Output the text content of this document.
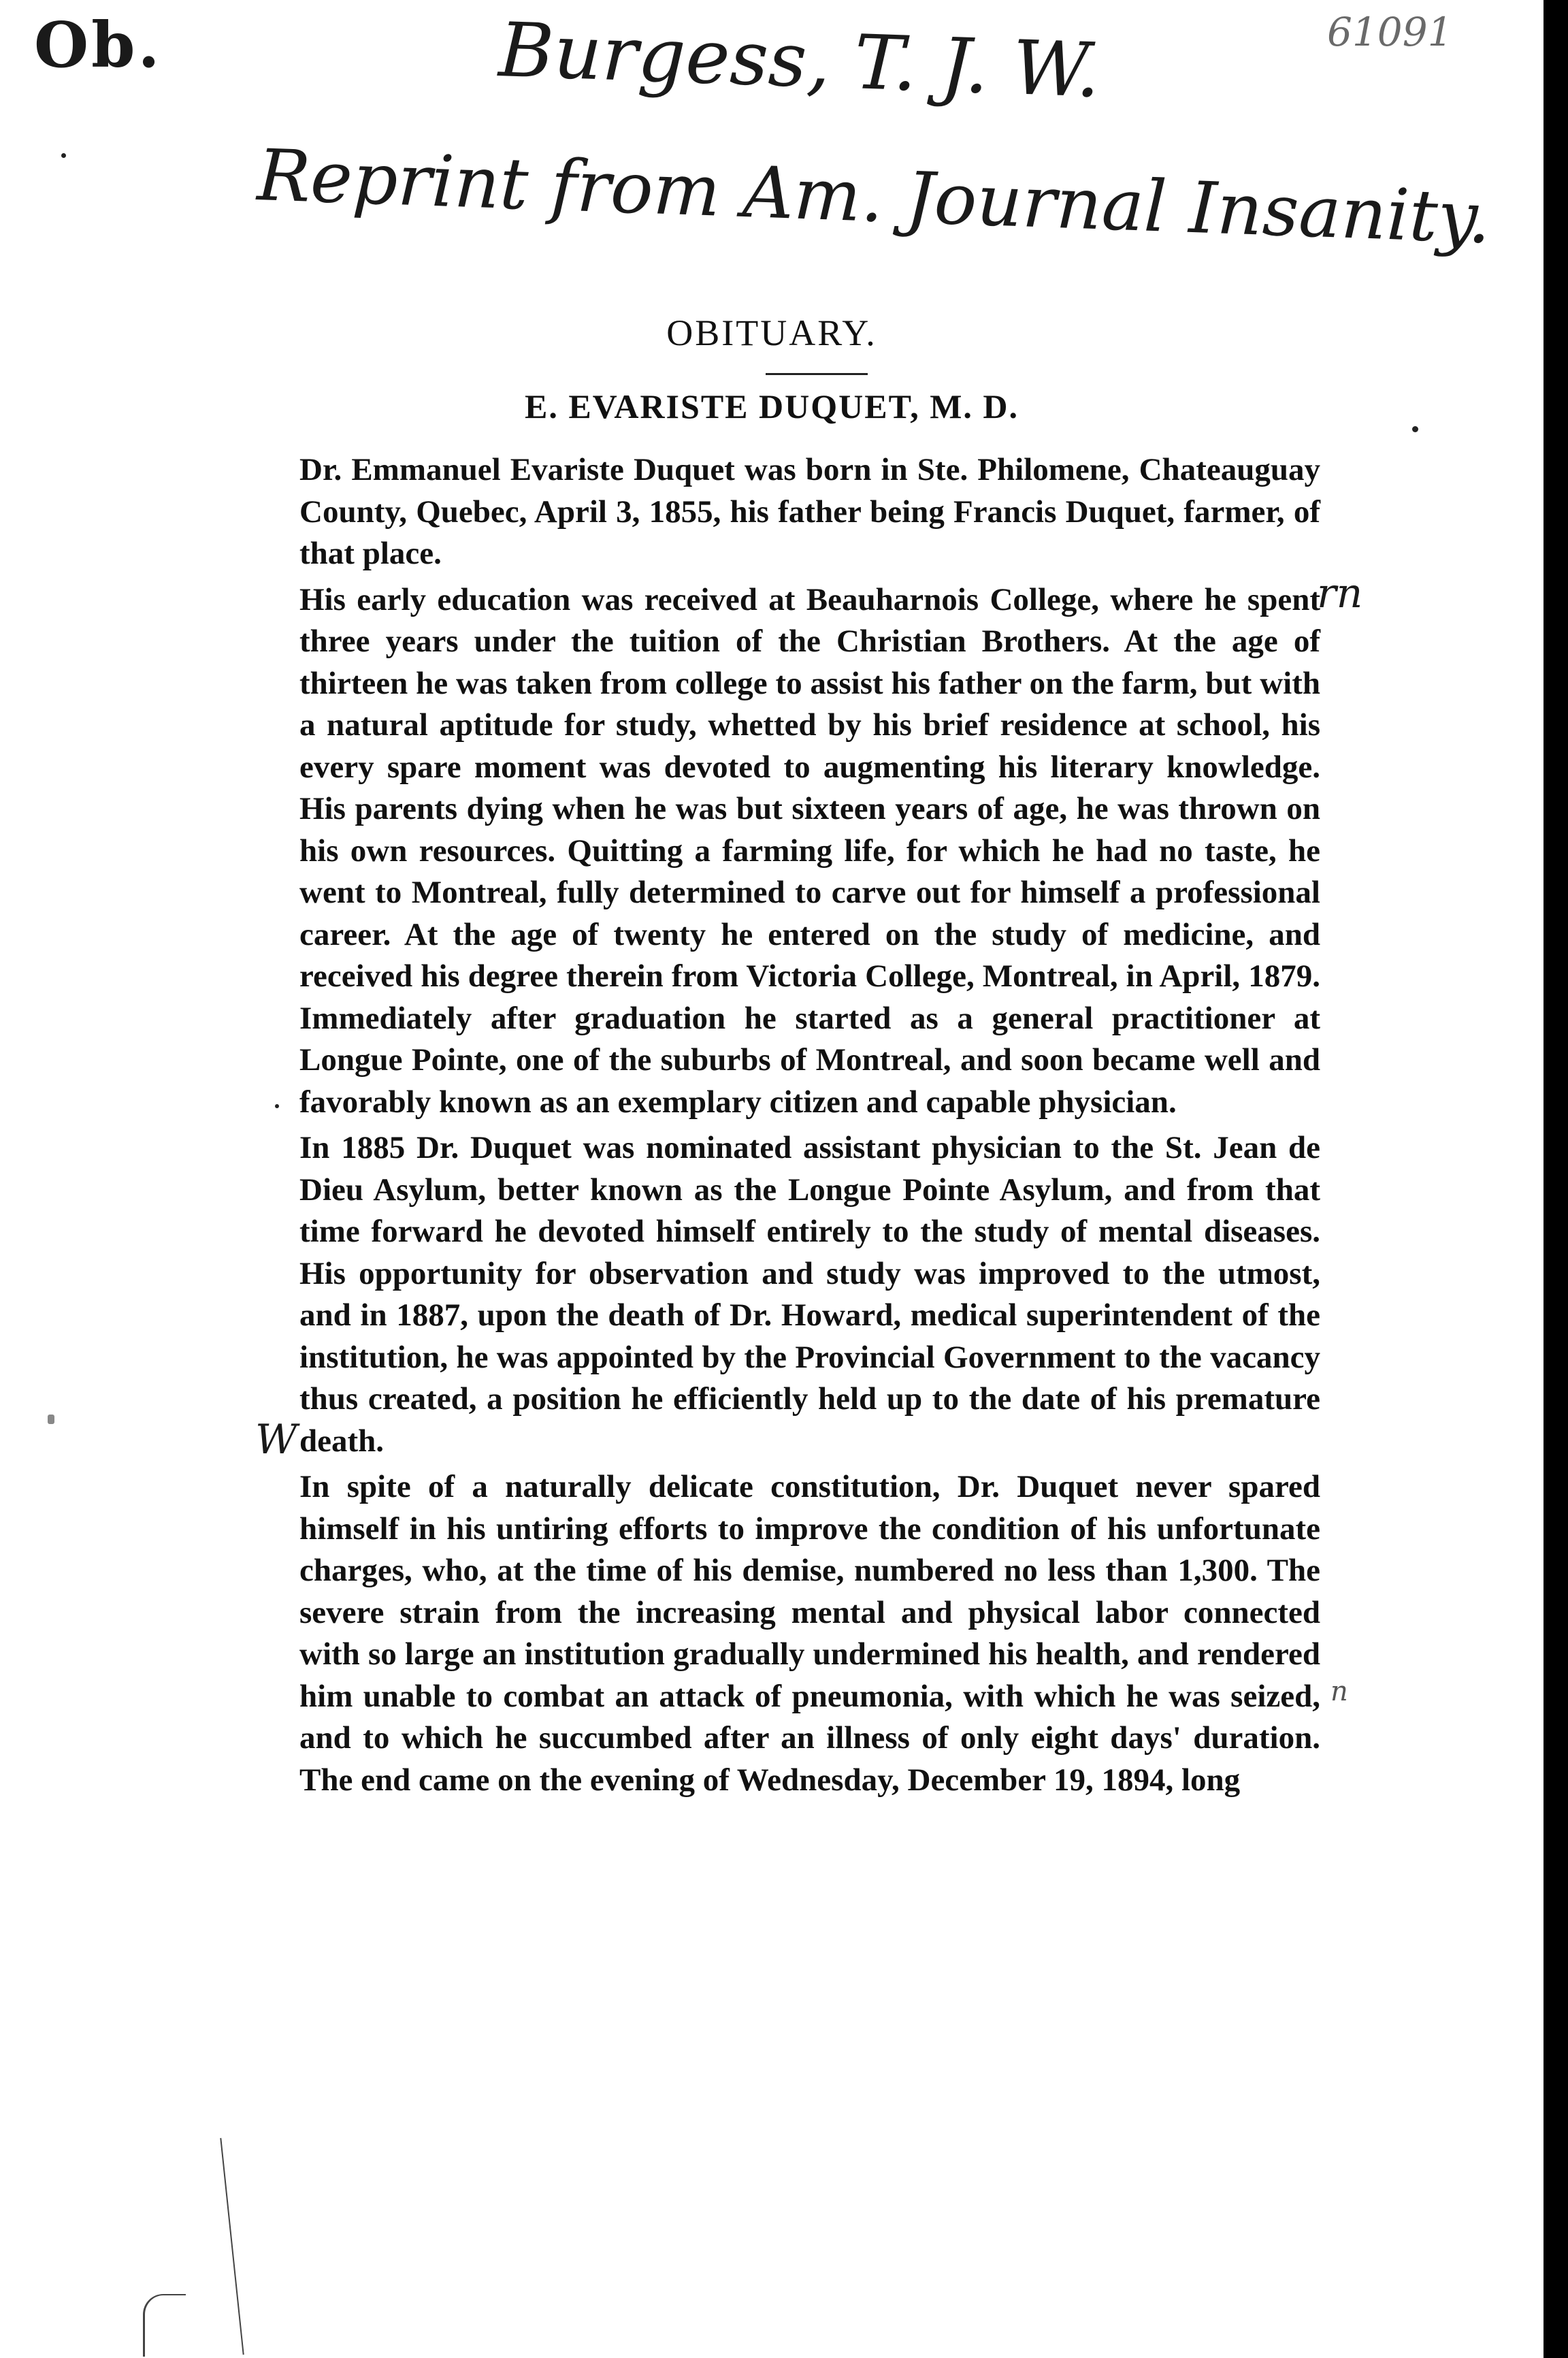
Ob.	Burgess, T. J. W.	61091
Reprint from Am. Journal Insanity.
rn
W
n
OBITUARY.
E. EVARISTE DUQUET, M. D.

Dr. Emmanuel Evariste Duquet was born in Ste. Philomene, Chateauguay County, Quebec, April 3, 1855, his father being Francis Duquet, farmer, of that place.

His early education was received at Beauharnois College, where he spent three years under the tuition of the Christian Brothers. At the age of thirteen he was taken from college to assist his father on the farm, but with a natural aptitude for study, whetted by his brief residence at school, his every spare moment was devoted to augmenting his literary knowledge. His parents dying when he was but sixteen years of age, he was thrown on his own resources. Quitting a farming life, for which he had no taste, he went to Montreal, fully determined to carve out for himself a professional career. At the age of twenty he entered on the study of medicine, and received his degree therein from Victoria College, Montreal, in April, 1879. Immediately after graduation he started as a general practitioner at Longue Pointe, one of the suburbs of Montreal, and soon became well and favorably known as an exemplary citizen and capable physician.

In 1885 Dr. Duquet was nominated assistant physician to the St. Jean de Dieu Asylum, better known as the Longue Pointe Asylum, and from that time forward he devoted himself entirely to the study of mental diseases. His opportunity for observation and study was improved to the utmost, and in 1887, upon the death of Dr. Howard, medical superintendent of the institution, he was appointed by the Provincial Government to the vacancy thus created, a position he efficiently held up to the date of his premature death.

In spite of a naturally delicate constitution, Dr. Duquet never spared himself in his untiring efforts to improve the condition of his unfortunate charges, who, at the time of his demise, numbered no less than 1,300. The severe strain from the increasing mental and physical labor connected with so large an institution gradually undermined his health, and rendered him unable to combat an attack of pneumonia, with which he was seized, and to which he succumbed after an illness of only eight days' duration. The end came on the evening of Wednesday, December 19, 1894, long
